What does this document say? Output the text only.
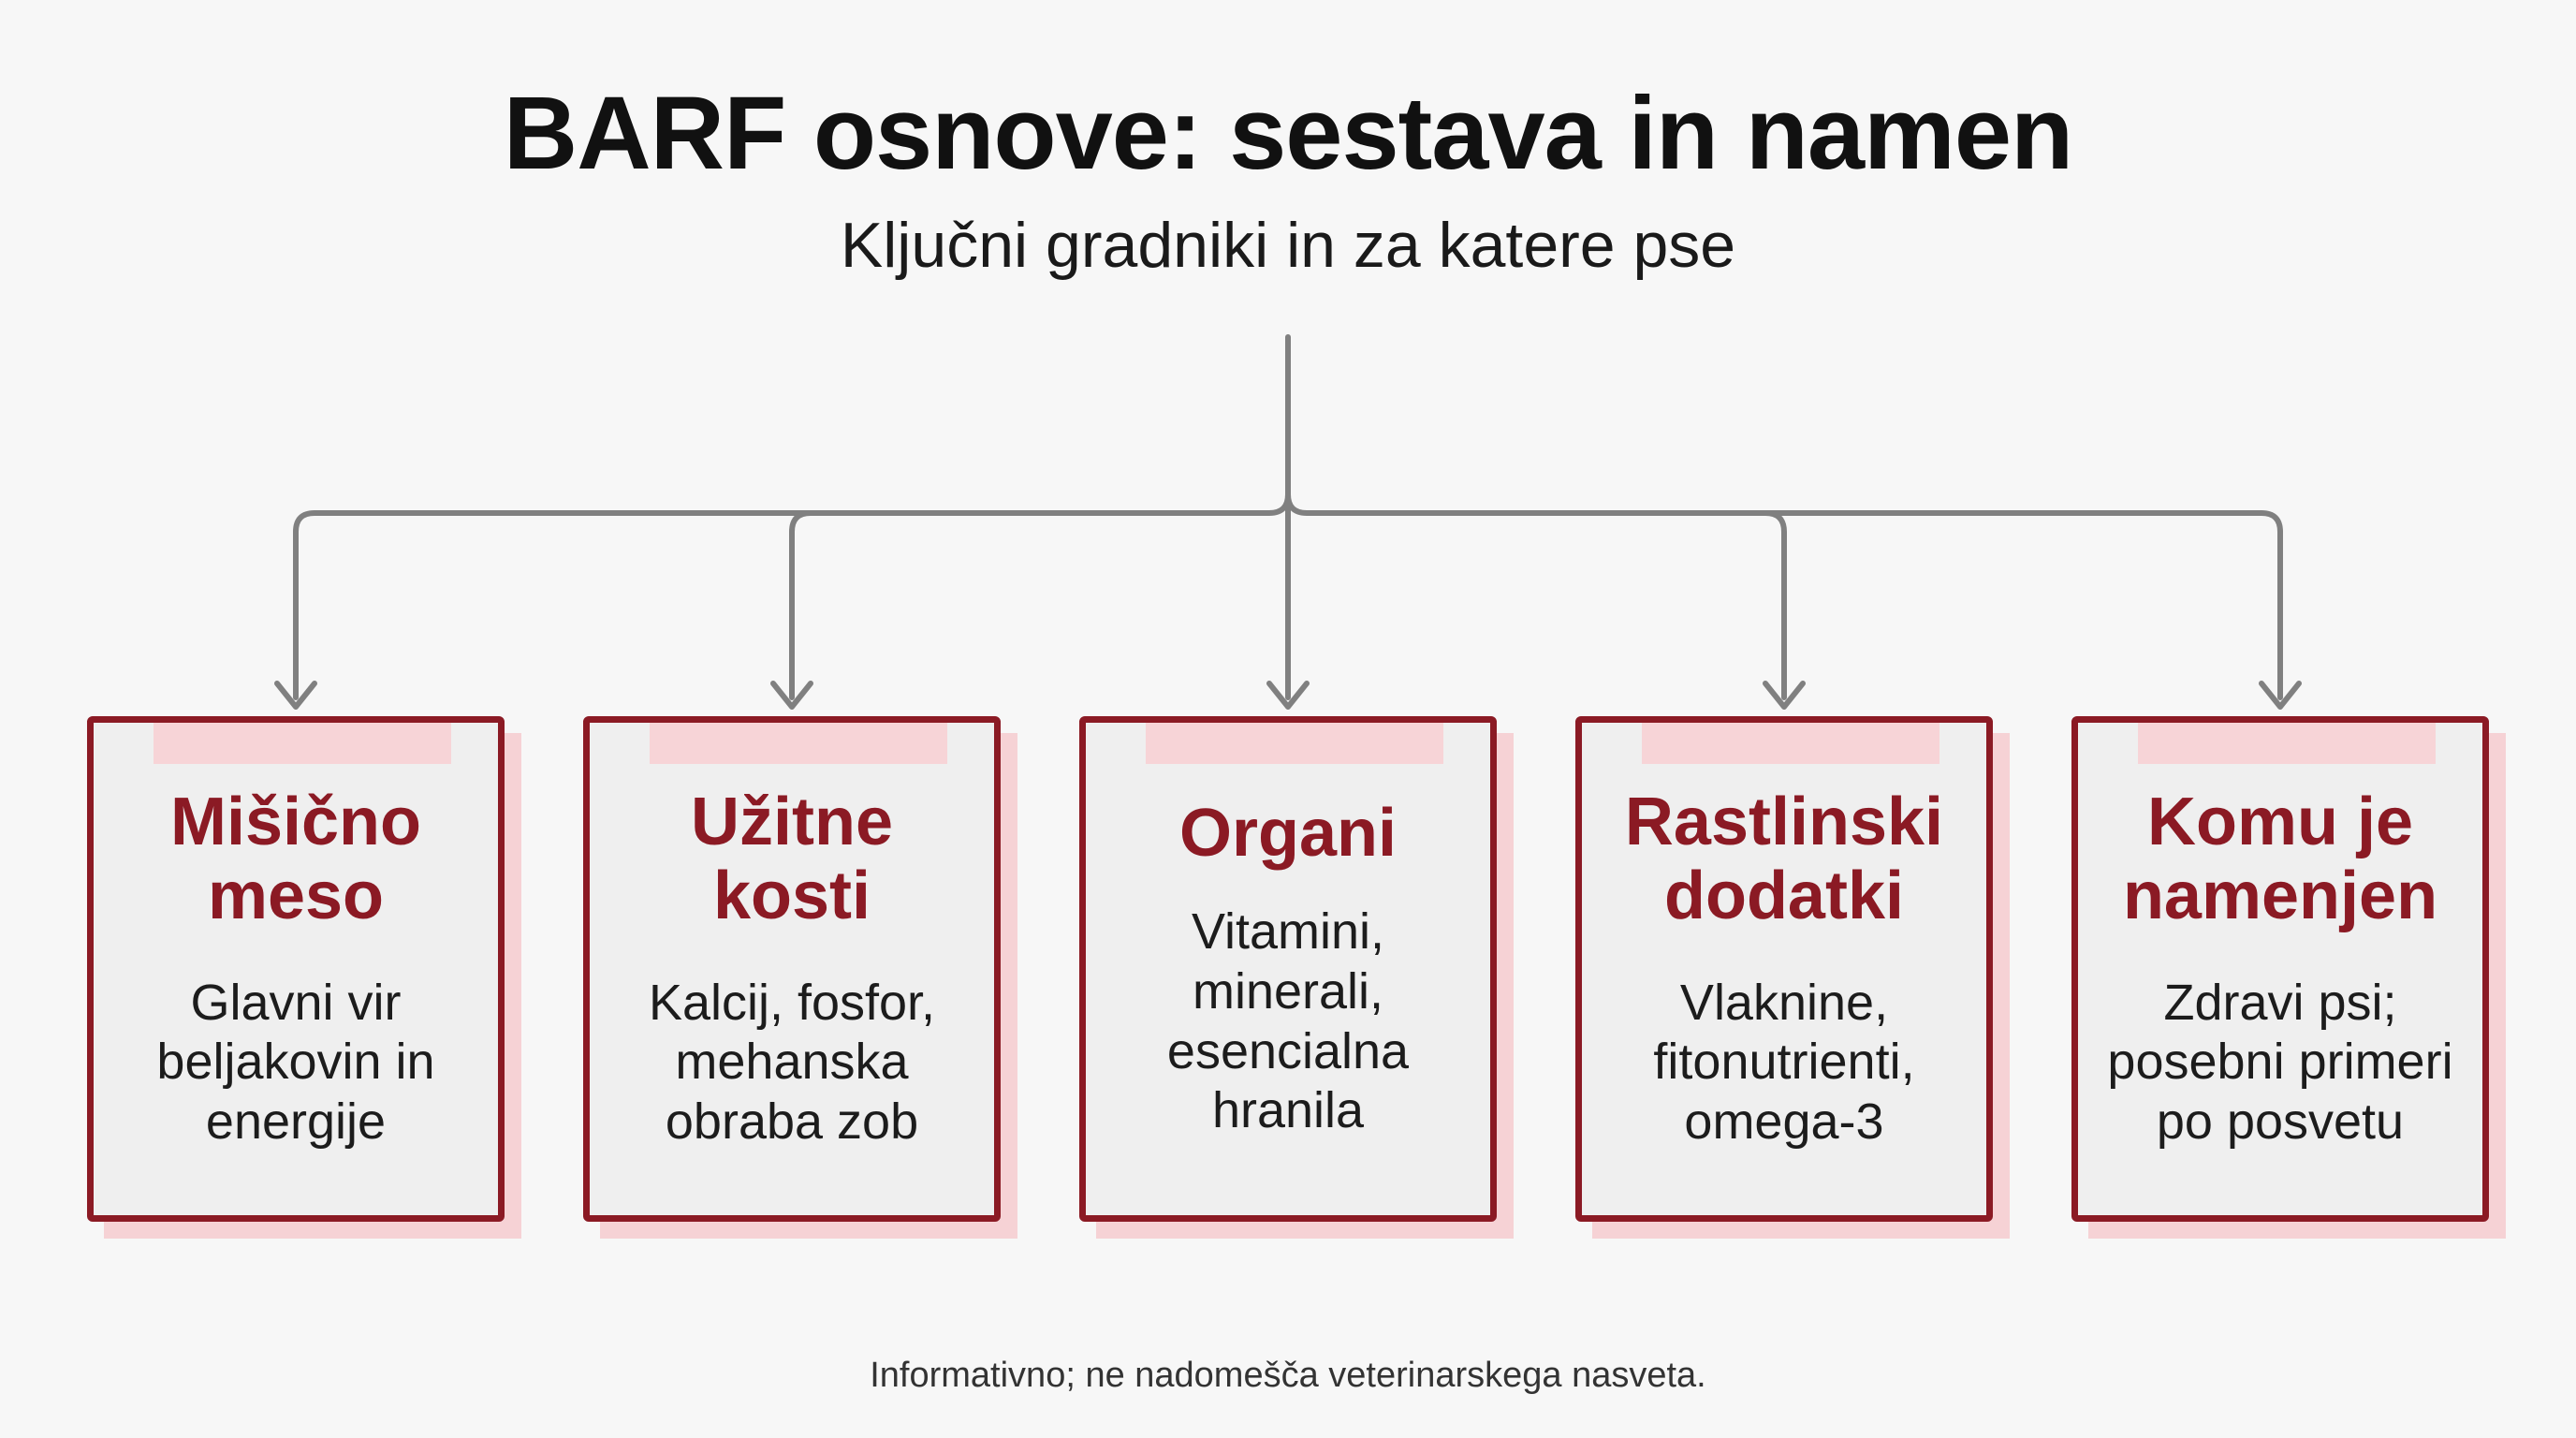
BARF osnove: sestava in namen
Ključni gradniki in za katere pse
Mišično
meso
Glavni vir
beljakovin in
energije
Užitne
kosti
Kalcij, fosfor,
mehanska
obraba zob
Organi
Vitamini,
minerali,
esencialna
hranila
Rastlinski
dodatki
Vlaknine,
fitonutrienti,
omega-3
Komu je
namenjen
Zdravi psi;
posebni primeri
po posvetu
Informativno; ne nadomešča veterinarskega nasveta.
